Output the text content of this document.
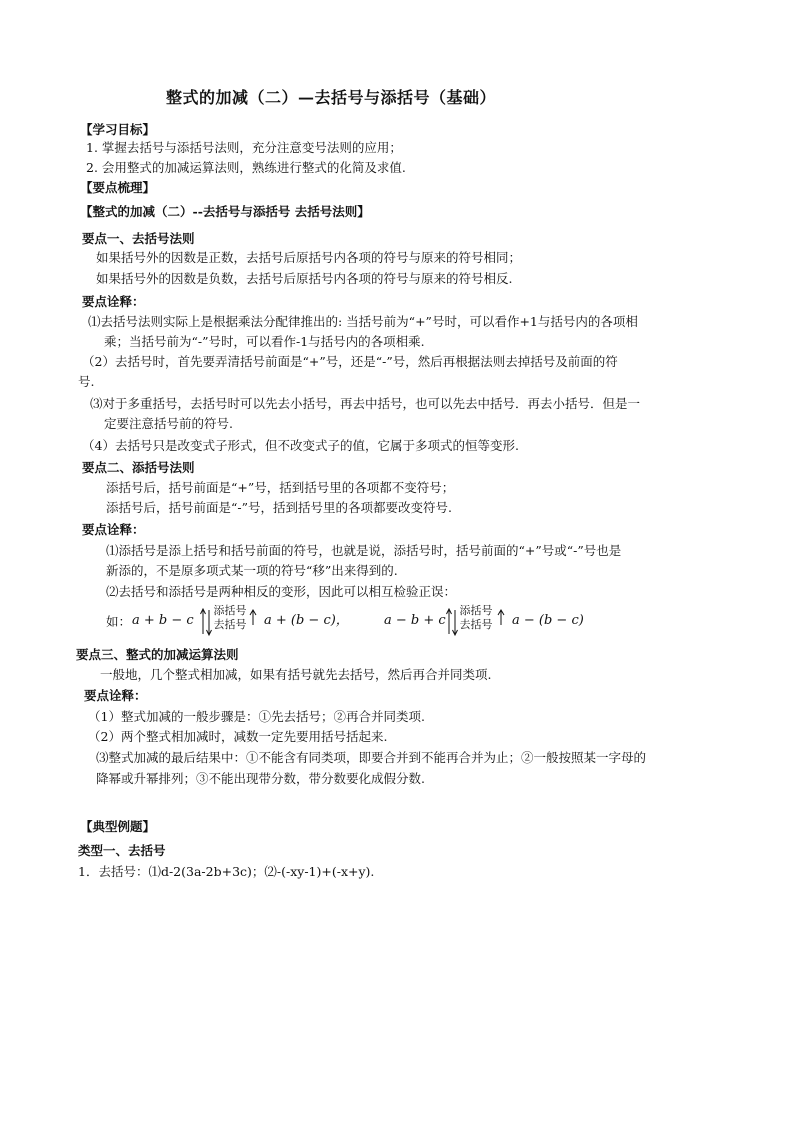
整式的加减（二）—去括号与添括号（基础）
【学习目标】
1. 掌握去括号与添括号法则，充分注意变号法则的应用；
2. 会用整式的加减运算法则，熟练进行整式的化简及求值.
【要点梳理】
【整式的加减（二）--去括号与添括号 去括号法则】
要点一、去括号法则
如果括号外的因数是正数，去括号后原括号内各项的符号与原来的符号相同；
如果括号外的因数是负数，去括号后原括号内各项的符号与原来的符号相反.
要点诠释：
⑴去括号法则实际上是根据乘法分配律推出的: 当括号前为“+”号时，可以看作+1与括号内的各项相
乘；当括号前为“-”号时，可以看作-1与括号内的各项相乘.
（2）去括号时，首先要弄清括号前面是“+”号，还是“-”号，然后再根据法则去掉括号及前面的符
号.
⑶对于多重括号，去括号时可以先去小括号，再去中括号，也可以先去中括号．再去小括号．但是一
定要注意括号前的符号.
（4）去括号只是改变式子形式，但不改变式子的值，它属于多项式的恒等变形.
要点二、添括号法则
添括号后，括号前面是“+”号，括到括号里的各项都不变符号；
添括号后，括号前面是“-”号，括到括号里的各项都要改变符号.
要点诠释：
⑴添括号是添上括号和括号前面的符号，也就是说，添括号时，括号前面的“+”号或“-”号也是
新添的，不是原多项式某一项的符号“移”出来得到的.
⑵去括号和添括号是两种相反的变形，因此可以相互检验正误：
如： a + b − c
添括号
去括号	a + (b − c)，	a − b + c
添括号
去括号	a − (b − c)
要点三、整式的加减运算法则
一般地，几个整式相加减，如果有括号就先去括号，然后再合并同类项.
要点诠释：
（1）整式加减的一般步骤是：①先去括号；②再合并同类项.
（2）两个整式相加减时，减数一定先要用括号括起来.
⑶整式加减的最后结果中：①不能含有同类项，即要合并到不能再合并为止；②一般按照某一字母的
降幂或升幂排列；③不能出现带分数，带分数要化成假分数.
【典型例题】
类型一、去括号
1．去括号：⑴d-2(3a-2b+3c)；⑵-(-xy-1)+(-x+y).
